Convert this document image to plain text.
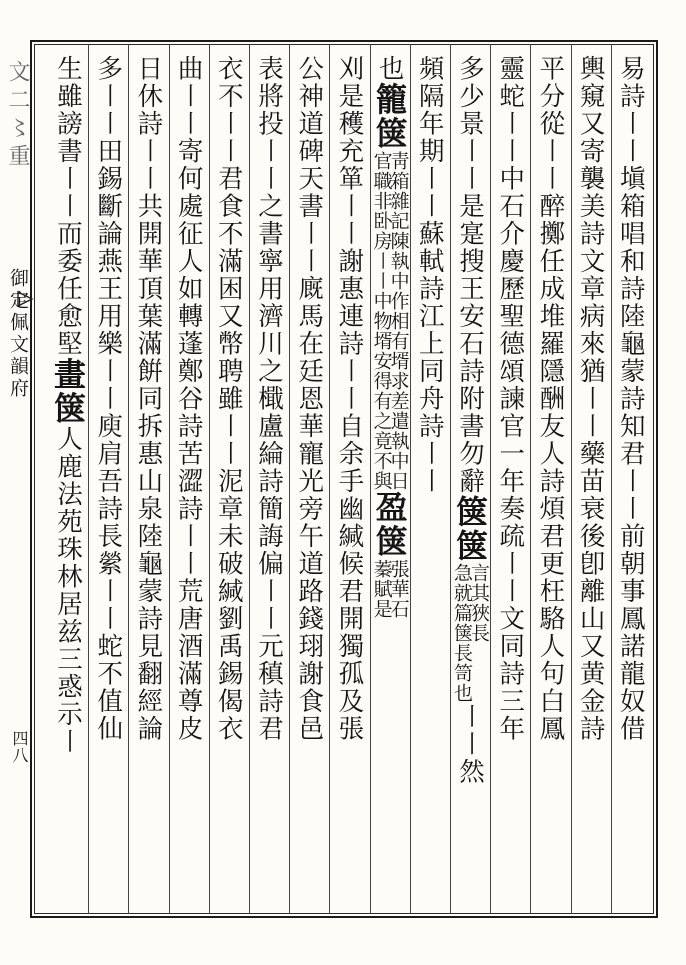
文二〻重
御定佩文韻府
四八
易詩〡〡塡箱唱和詩陸龜蒙詩知君〡〡前朝事鳳諾龍奴借
輿窺又寄襲美詩文章病來猶〡〡藥苗衰後卽離山又黄金詩
平分從〡〡醉擲任成堆羅隱酬友人詩煩君更枉駱人句白鳳
靈蛇〡〡中石介慶歷聖德頌諫官一年奏疏〡〡文同詩三年
多少景〡〡是寔搜王安石詩附書勿辭箧箧
言其狹長
急就篇箧長笥也
〡〡然
頻隔年期〡〡蘇軾詩江上同舟詩〡〡
也籠箧
靑箱雜記陳執中作相有壻求差遣執中日
官職非卧房〡〡中物壻安得有之竟不與
盈箧
張華石
蓁賦是
刈是穫充箪〡〡謝惠連詩〡〡自余手幽緘候君開獨孤及張
公神道碑天書〡〡廐馬在廷恩華寵光旁午道路錢珝謝食邑
表將投〡〡之書寧用濟川之檝盧綸詩簡誨偏〡〡元稹詩君
衣不〡〡君食不滿困又幣聘雖〡〡泥章未破緘劉禹錫偈衣
曲〡〡寄何處征人如轉蓬鄭谷詩苦澀詩〡〡荒唐酒滿尊皮
日休詩〡〡共開華頂葉滿餠同拆惠山泉陸龜蒙詩見翻經論
多〡〡田錫斷論燕王用樂〡〡庾肩吾詩長縈〡〡蛇不值仙
生雖謗書〡〡而委任愈堅畫箧人鹿法苑珠林居兹三惑示〡
